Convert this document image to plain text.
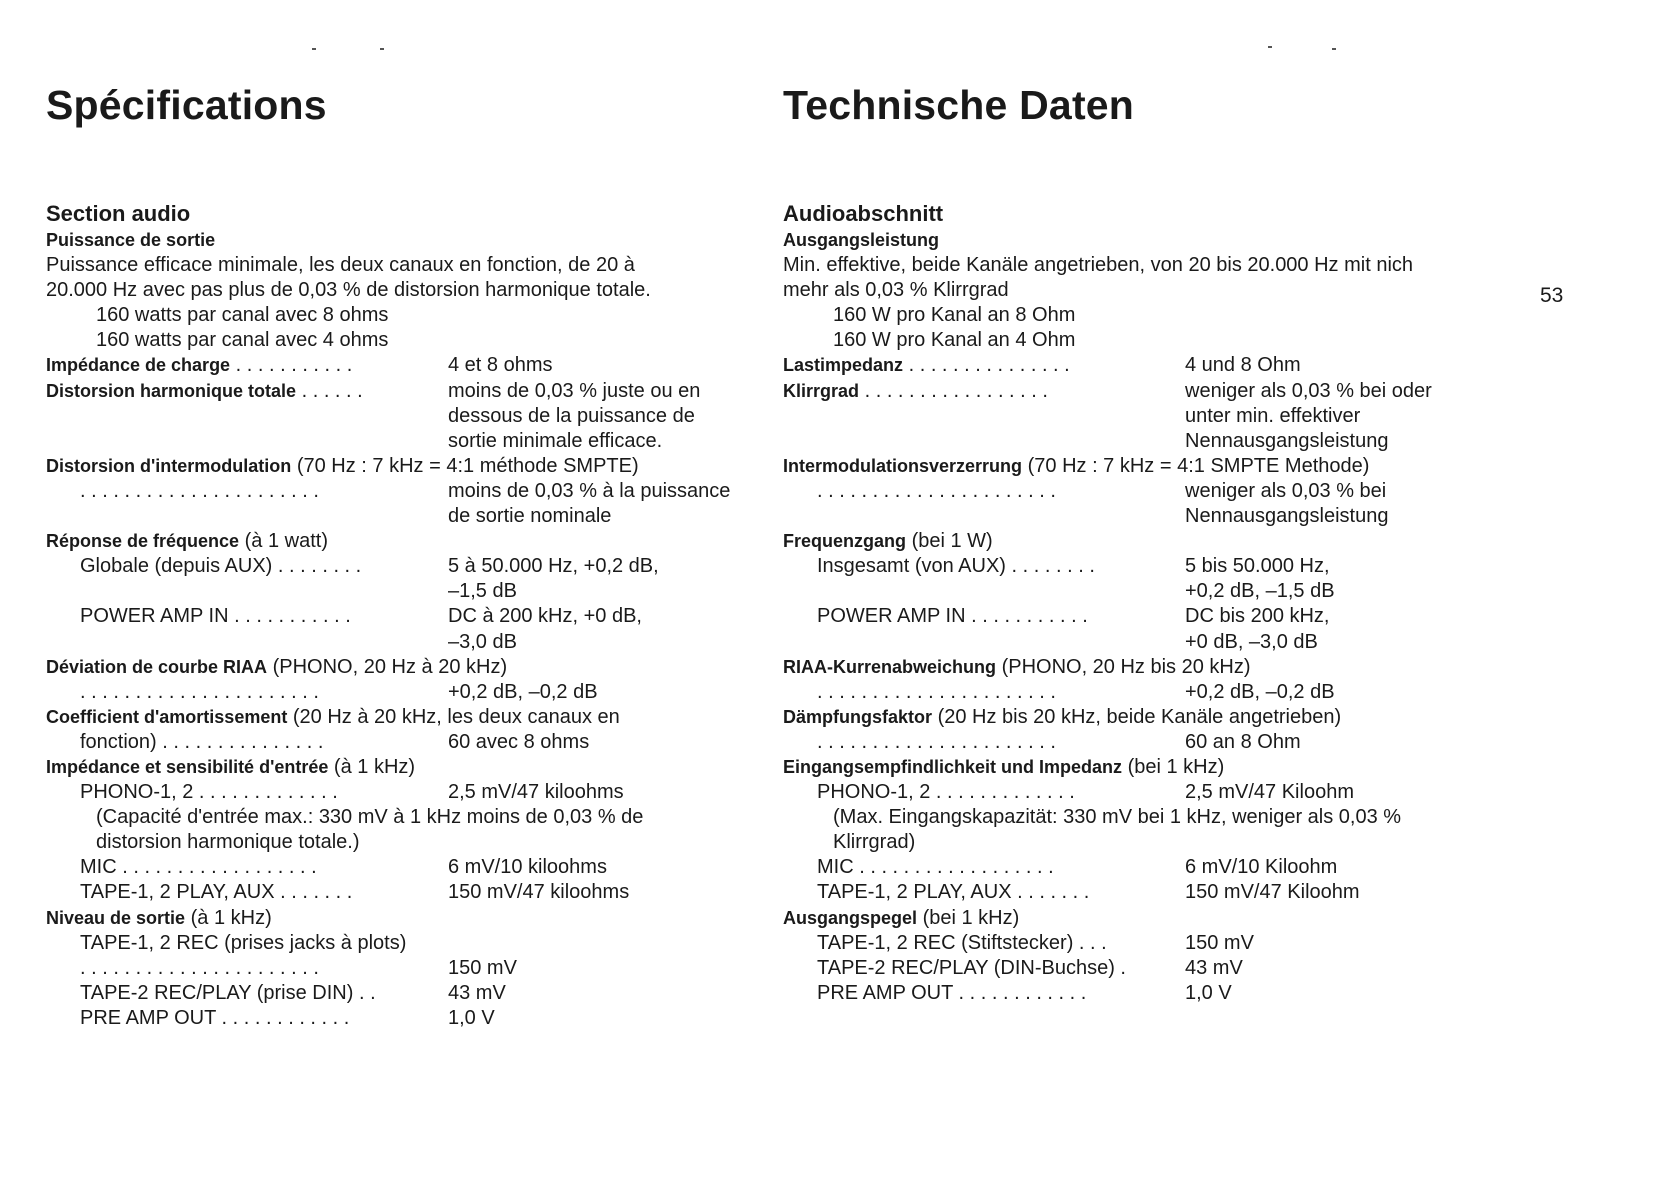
Spécifications
Section audio
Puissance de sortie
Puissance efficace minimale, les deux canaux en fonction, de 20 à
20.000 Hz avec pas plus de 0,03 % de distorsion harmonique totale.
160 watts par canal avec 8 ohms
160 watts par canal avec 4 ohms
Impédance de charge . . . . . . . . . . .	4 et 8 ohms
Distorsion harmonique totale . . . . . .	moins de 0,03 % juste ou en
dessous de la puissance de
sortie minimale efficace.
Distorsion d'intermodulation (70 Hz : 7 kHz = 4:1 méthode SMPTE)
. . . . . . . . . . . . . . . . . . . . . .	moins de 0,03 % à la puissance
de sortie nominale
Réponse de fréquence (à 1 watt)
Globale (depuis AUX) . . . . . . . .	5 à 50.000 Hz, +0,2 dB,
–1,5 dB
POWER AMP IN . . . . . . . . . . .	DC à 200 kHz, +0 dB,
–3,0 dB
Déviation de courbe RIAA (PHONO, 20 Hz à 20 kHz)
. . . . . . . . . . . . . . . . . . . . . .	+0,2 dB, –0,2 dB
Coefficient d'amortissement (20 Hz à 20 kHz, les deux canaux en
fonction) . . . . . . . . . . . . . . .	60 avec 8 ohms
Impédance et sensibilité d'entrée (à 1 kHz)
PHONO-1, 2 . . . . . . . . . . . . .	2,5 mV/47 kiloohms
(Capacité d'entrée max.: 330 mV à 1 kHz moins de 0,03 % de
distorsion harmonique totale.)
MIC . . . . . . . . . . . . . . . . . .	6 mV/10 kiloohms
TAPE-1, 2 PLAY, AUX . . . . . . .	150 mV/47 kiloohms
Niveau de sortie (à 1 kHz)
TAPE-1, 2 REC (prises jacks à plots)
. . . . . . . . . . . . . . . . . . . . . .	150 mV
TAPE-2 REC/PLAY (prise DIN) . .	43 mV
PRE AMP OUT . . . . . . . . . . . .	1,0 V
Technische Daten
Audioabschnitt
Ausgangsleistung
Min. effektive, beide Kanäle angetrieben, von 20 bis 20.000 Hz mit nich
mehr als 0,03 % Klirrgrad
160 W pro Kanal an 8 Ohm
160 W pro Kanal an 4 Ohm
Lastimpedanz . . . . . . . . . . . . . . .	4 und 8 Ohm
Klirrgrad . . . . . . . . . . . . . . . . .	weniger als 0,03 % bei oder
unter min. effektiver
Nennausgangsleistung
Intermodulationsverzerrung (70 Hz : 7 kHz = 4:1 SMPTE Methode)
. . . . . . . . . . . . . . . . . . . . . .	weniger als 0,03 % bei
Nennausgangsleistung
Frequenzgang (bei 1 W)
Insgesamt (von AUX) . . . . . . . .	5 bis 50.000 Hz,
+0,2 dB, –1,5 dB
POWER AMP IN . . . . . . . . . . .	DC bis 200 kHz,
+0 dB, –3,0 dB
RIAA-Kurrenabweichung (PHONO, 20 Hz bis 20 kHz)
. . . . . . . . . . . . . . . . . . . . . .	+0,2 dB, –0,2 dB
Dämpfungsfaktor (20 Hz bis 20 kHz, beide Kanäle angetrieben)
. . . . . . . . . . . . . . . . . . . . . .	60 an 8 Ohm
Eingangsempfindlichkeit und Impedanz (bei 1 kHz)
PHONO-1, 2 . . . . . . . . . . . . .	2,5 mV/47 Kiloohm
(Max. Eingangskapazität: 330 mV bei 1 kHz, weniger als 0,03 %
Klirrgrad)
MIC . . . . . . . . . . . . . . . . . .	6 mV/10 Kiloohm
TAPE-1, 2 PLAY, AUX . . . . . . .	150 mV/47 Kiloohm
Ausgangspegel (bei 1 kHz)
TAPE-1, 2 REC (Stiftstecker) . . .	150 mV
TAPE-2 REC/PLAY (DIN-Buchse) .	43 mV
PRE AMP OUT . . . . . . . . . . . .	1,0 V
53
